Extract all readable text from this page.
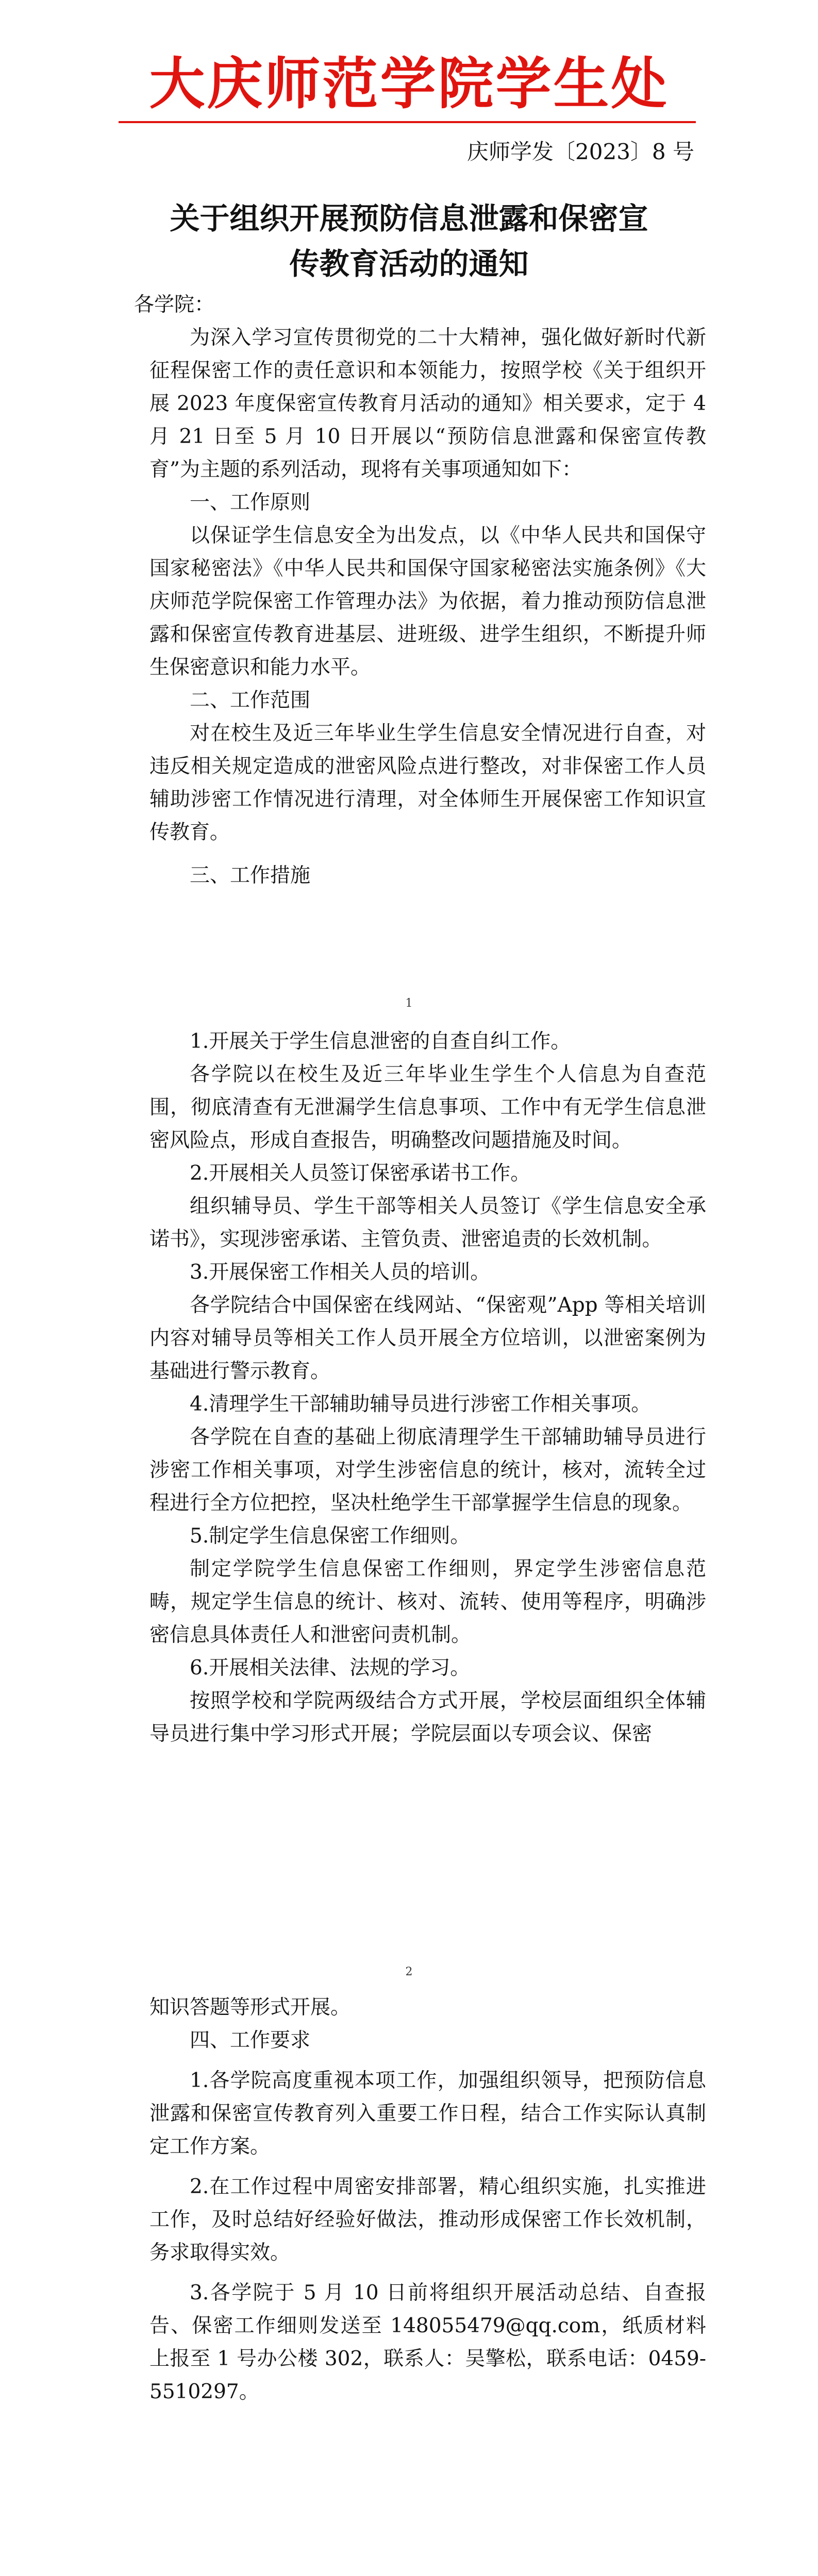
大庆师范学院学生处
庆师学发〔2023〕8 号
关于组织开展预防信息泄露和保密宣
传教育活动的通知

各学院：

为深入学习宣传贯彻党的二十大精神，强化做好新时代新征程保密工作的责任意识和本领能力，按照学校《关于组织开展 2023 年度保密宣传教育月活动的通知》相关要求，定于 4 月 21 日至 5 月 10 日开展以“预防信息泄露和保密宣传教育”为主题的系列活动，现将有关事项通知如下：

一、工作原则

以保证学生信息安全为出发点，以《中华人民共和国保守国家秘密法》《中华人民共和国保守国家秘密法实施条例》《大庆师范学院保密工作管理办法》为依据，着力推动预防信息泄露和保密宣传教育进基层、进班级、进学生组织，不断提升师生保密意识和能力水平。

二、工作范围

对在校生及近三年毕业生学生信息安全情况进行自查，对违反相关规定造成的泄密风险点进行整改，对非保密工作人员辅助涉密工作情况进行清理，对全体师生开展保密工作知识宣传教育。

三、工作措施

1

1.开展关于学生信息泄密的自查自纠工作。

各学院以在校生及近三年毕业生学生个人信息为自查范围，彻底清查有无泄漏学生信息事项、工作中有无学生信息泄密风险点，形成自查报告，明确整改问题措施及时间。

2.开展相关人员签订保密承诺书工作。

组织辅导员、学生干部等相关人员签订《学生信息安全承诺书》，实现涉密承诺、主管负责、泄密追责的长效机制。

3.开展保密工作相关人员的培训。

各学院结合中国保密在线网站、“保密观”App 等相关培训内容对辅导员等相关工作人员开展全方位培训，以泄密案例为基础进行警示教育。

4.清理学生干部辅助辅导员进行涉密工作相关事项。

各学院在自查的基础上彻底清理学生干部辅助辅导员进行涉密工作相关事项，对学生涉密信息的统计，核对，流转全过程进行全方位把控，坚决杜绝学生干部掌握学生信息的现象。

5.制定学生信息保密工作细则。

制定学院学生信息保密工作细则，界定学生涉密信息范畴，规定学生信息的统计、核对、流转、使用等程序，明确涉密信息具体责任人和泄密问责机制。

6.开展相关法律、法规的学习。

按照学校和学院两级结合方式开展，学校层面组织全体辅导员进行集中学习形式开展；学院层面以专项会议、保密

2

知识答题等形式开展。

四、工作要求

1.各学院高度重视本项工作，加强组织领导，把预防信息泄露和保密宣传教育列入重要工作日程，结合工作实际认真制定工作方案。

2.在工作过程中周密安排部署，精心组织实施，扎实推进工作，及时总结好经验好做法，推动形成保密工作长效机制，务求取得实效。

3.各学院于 5 月 10 日前将组织开展活动总结、自查报告、保密工作细则发送至 148055479@qq.com，纸质材料上报至 1 号办公楼 302，联系人：吴擎松，联系电话：0459-5510297。
